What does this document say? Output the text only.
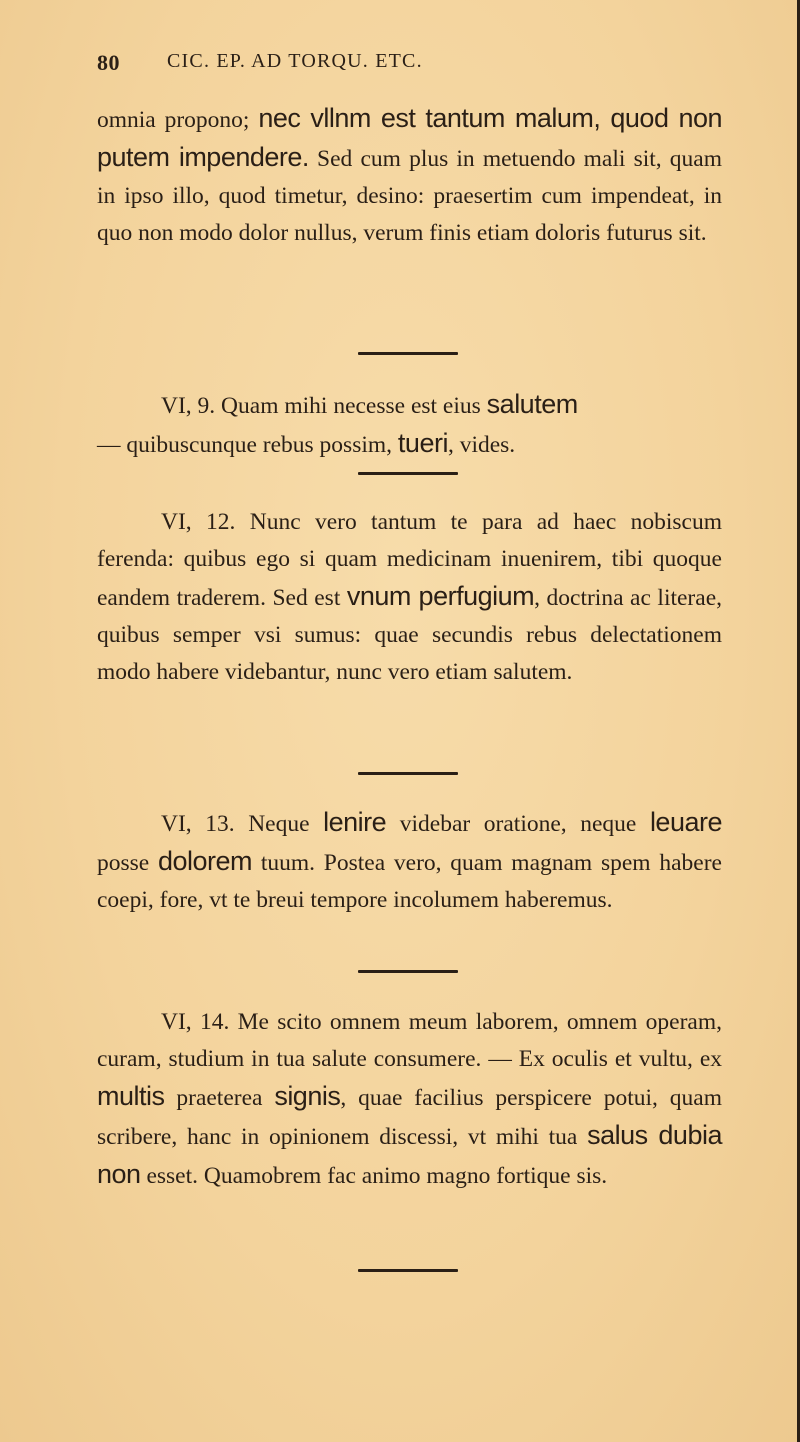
80 CIC. EP. AD TORQU. ETC.

omnia propono; nec vllnm est tantum malum, quod non putem impendere. Sed cum plus in metuendo mali sit, quam in ipso illo, quod timetur, desino: praesertim cum impendeat, in quo non modo dolor nullus, verum finis etiam doloris futurus sit.

VI, 9. Quam mihi necesse est eius salutem

— quibuscunque rebus possim, tueri, vides.

VI, 12. Nunc vero tantum te para ad haec nobiscum ferenda: quibus ego si quam medicinam inuenirem, tibi quoque eandem traderem. Sed est vnum perfugium, doctrina ac literae, quibus semper vsi sumus: quae secundis rebus delectationem modo habere videbantur, nunc vero etiam salutem.

VI, 13. Neque lenire videbar oratione, neque leuare posse dolorem tuum. Postea vero, quam magnam spem habere coepi, fore, vt te breui tempore incolumem haberemus.

VI, 14. Me scito omnem meum laborem, omnem operam, curam, studium in tua salute consumere. — Ex oculis et vultu, ex multis praeterea signis, quae facilius perspicere potui, quam scribere, hanc in opinionem discessi, vt mihi tua salus dubia non esset. Quamobrem fac animo magno fortique sis.
